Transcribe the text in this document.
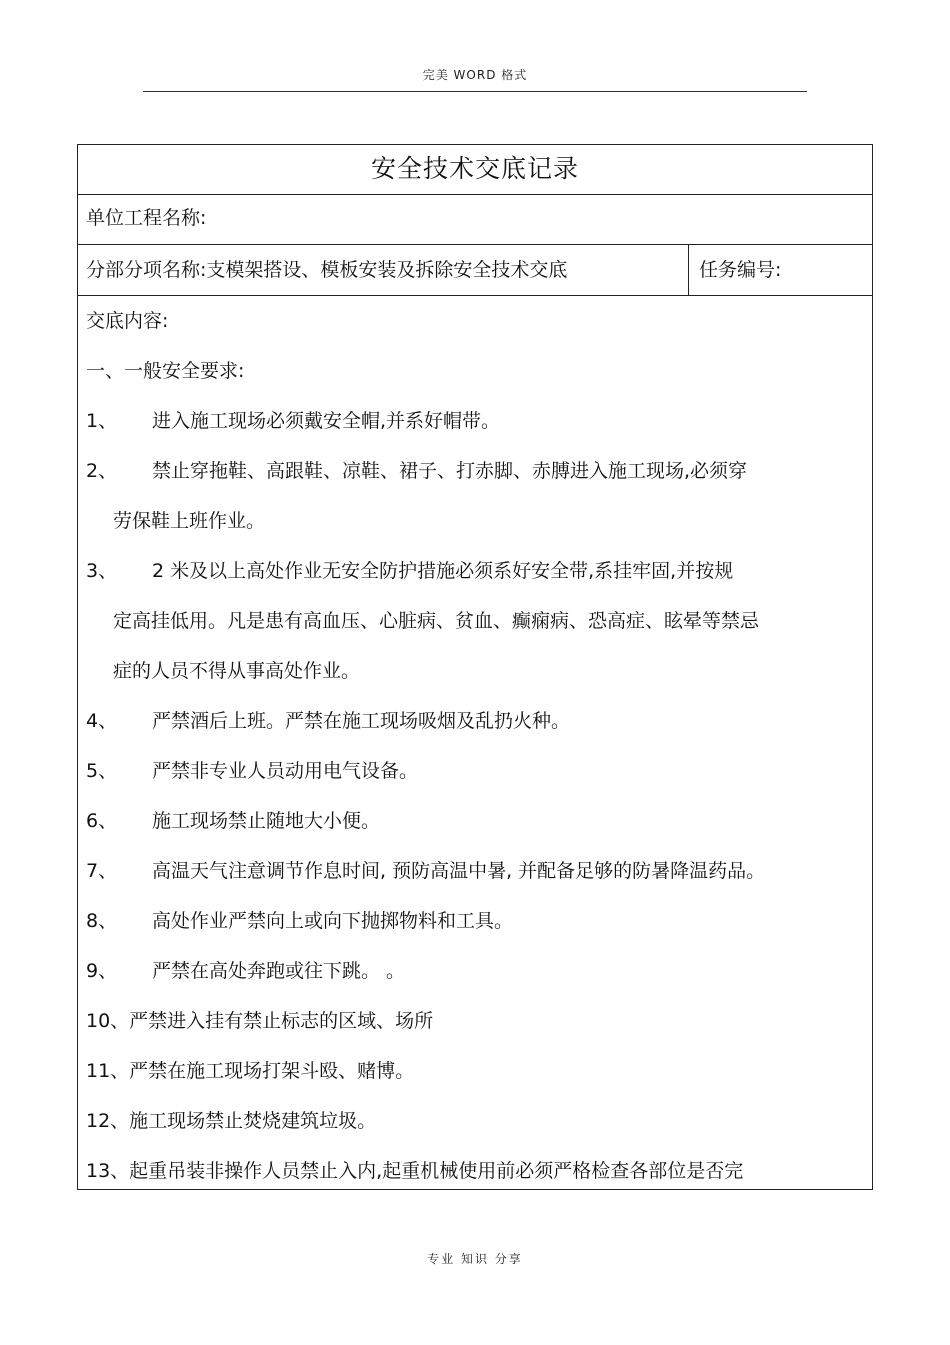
完美 WORD 格式
安全技术交底记录
单位工程名称:
分部分项名称:支模架搭设、模板安装及拆除安全技术交底	任务编号:
交底内容:
一、一般安全要求:
1、 进入施工现场必须戴安全帽,并系好帽带。
2、 禁止穿拖鞋、高跟鞋、凉鞋、裙子、打赤脚、赤膊进入施工现场,必须穿
劳保鞋上班作业。
3、 2 米及以上高处作业无安全防护措施必须系好安全带,系挂牢固,并按规
定高挂低用。凡是患有高血压、心脏病、贫血、癫痫病、恐高症、眩晕等禁忌
症的人员不得从事高处作业。
4、 严禁酒后上班。严禁在施工现场吸烟及乱扔火种。
5、 严禁非专业人员动用电气设备。
6、 施工现场禁止随地大小便。
7、 高温天气注意调节作息时间, 预防高温中暑, 并配备足够的防暑降温药品。
8、 高处作业严禁向上或向下抛掷物料和工具。
9、 严禁在高处奔跑或往下跳。 。
10、严禁进入挂有禁止标志的区域、场所
11、严禁在施工现场打架斗殴、赌博。
12、施工现场禁止焚烧建筑垃圾。
13、起重吊装非操作人员禁止入内,起重机械使用前必须严格检查各部位是否完
专业 知识 分享
